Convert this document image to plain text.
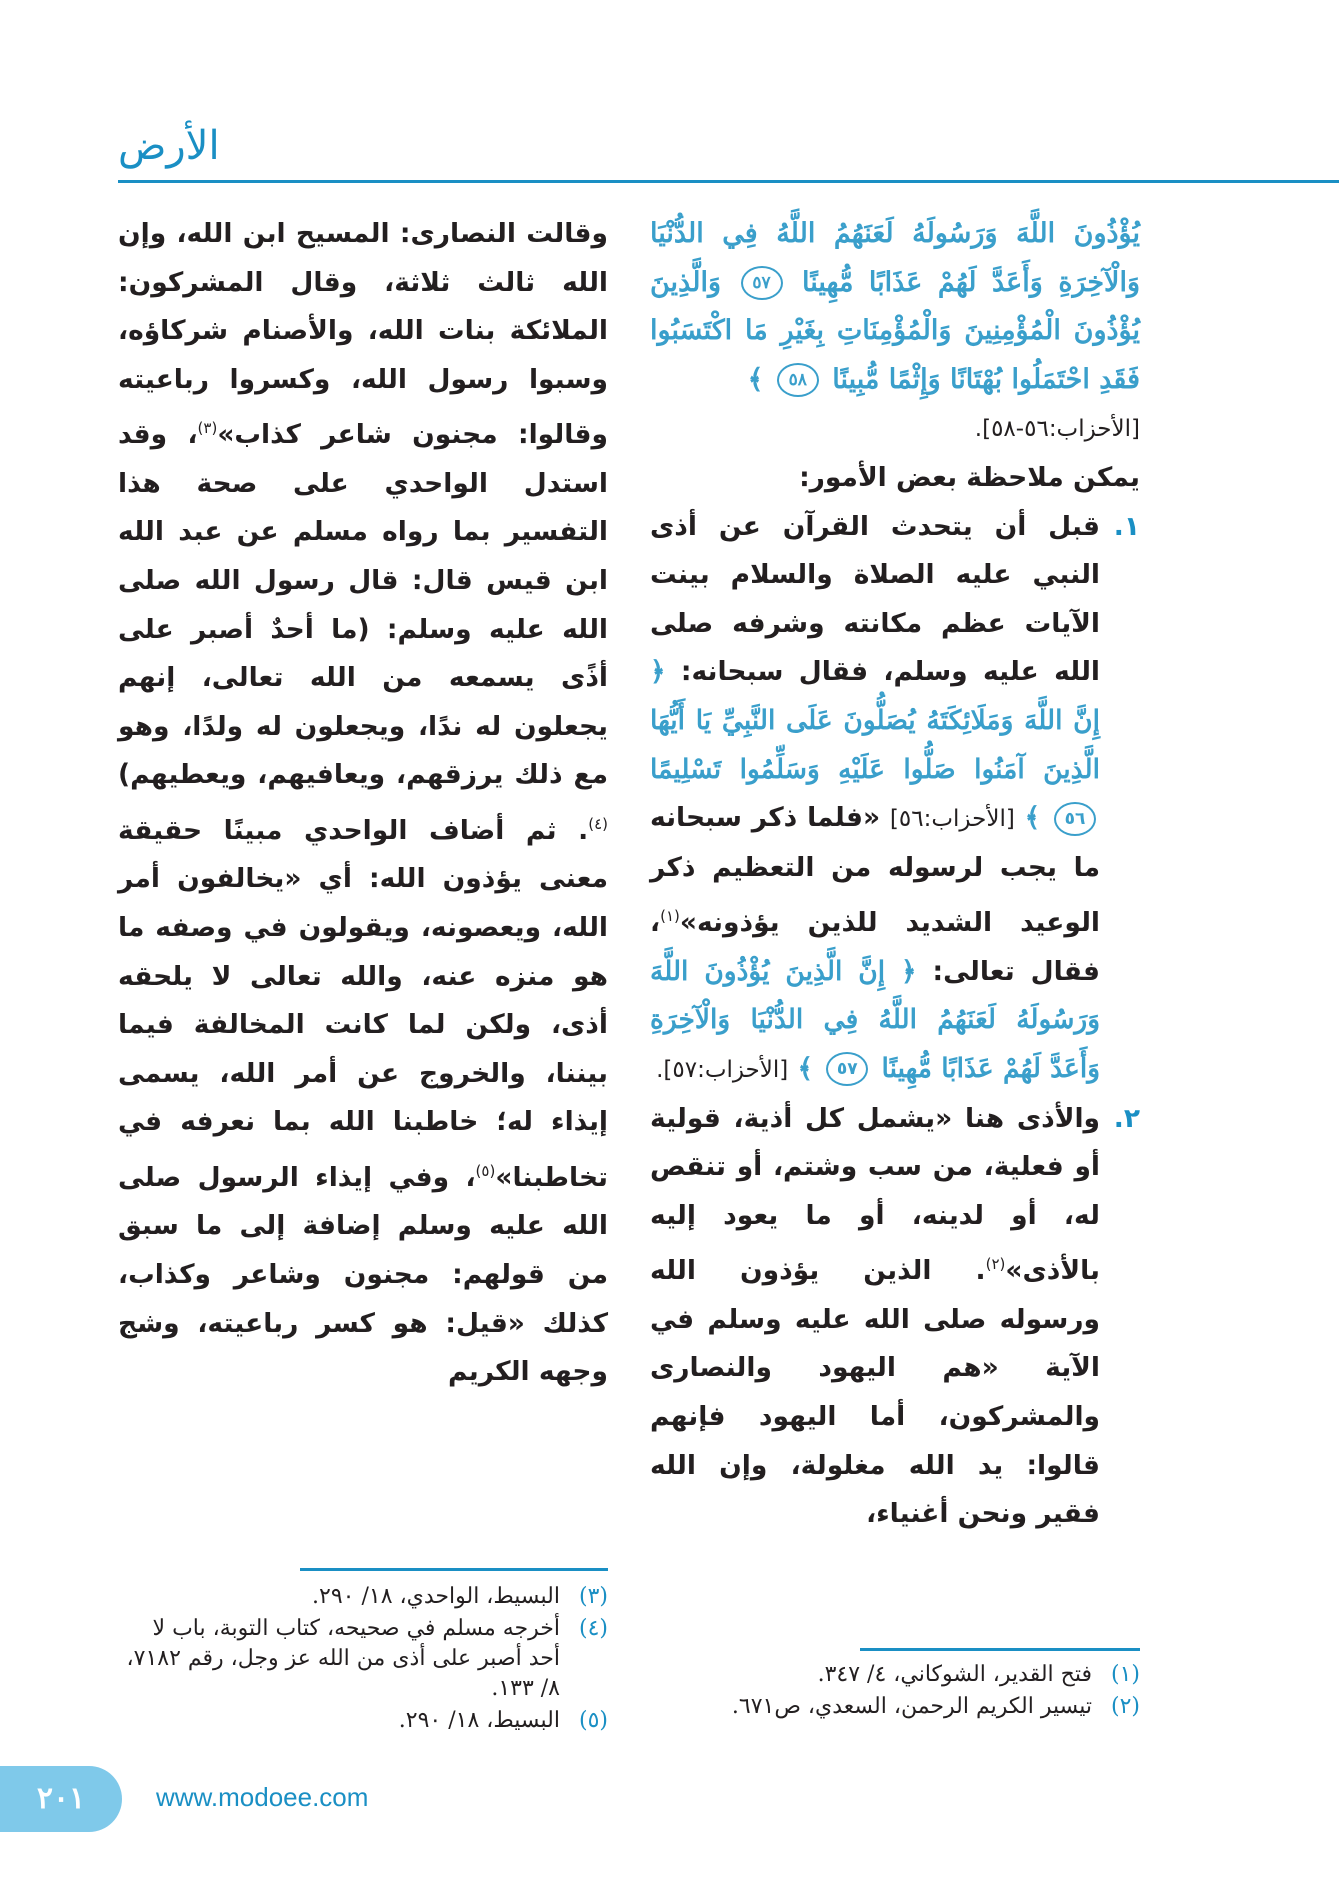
الأرض

يُؤْذُونَ اللَّهَ وَرَسُولَهُ لَعَنَهُمُ اللَّهُ فِي الدُّنْيَا وَالْآخِرَةِ وَأَعَدَّ لَهُمْ عَذَابًا مُّهِينًا ٥٧ وَالَّذِينَ يُؤْذُونَ الْمُؤْمِنِينَ وَالْمُؤْمِنَاتِ بِغَيْرِ مَا اكْتَسَبُوا فَقَدِ احْتَمَلُوا بُهْتَانًا وَإِثْمًا مُّبِينًا ٥٨ ﴾

[الأحزاب:٥٦-٥٨].

يمكن ملاحظة بعض الأمور:

١.
قبل أن يتحدث القرآن عن أذى النبي عليه الصلاة والسلام بينت الآيات عظم مكانته وشرفه صلى الله عليه وسلم، فقال سبحانه: ﴿ إِنَّ اللَّهَ وَمَلَائِكَتَهُ يُصَلُّونَ عَلَى النَّبِيِّ يَا أَيُّهَا الَّذِينَ آمَنُوا صَلُّوا عَلَيْهِ وَسَلِّمُوا تَسْلِيمًا ٥٦ ﴾ [الأحزاب:٥٦] «فلما ذكر سبحانه ما يجب لرسوله من التعظيم ذكر الوعيد الشديد للذين يؤذونه»$^{(١)}$، فقال تعالى: ﴿ إِنَّ الَّذِينَ يُؤْذُونَ اللَّهَ وَرَسُولَهُ لَعَنَهُمُ اللَّهُ فِي الدُّنْيَا وَالْآخِرَةِ وَأَعَدَّ لَهُمْ عَذَابًا مُّهِينًا ٥٧ ﴾ [الأحزاب:٥٧].
٢.
والأذى هنا «يشمل كل أذية، قولية أو فعلية، من سب وشتم، أو تنقص له، أو لدينه، أو ما يعود إليه بالأذى»$^{(٢)}$. الذين يؤذون الله ورسوله صلى الله عليه وسلم في الآية «هم اليهود والنصارى والمشركون، أما اليهود فإنهم قالوا: يد الله مغلولة، وإن الله فقير ونحن أغنياء،

وقالت النصارى: المسيح ابن الله، وإن الله ثالث ثلاثة، وقال المشركون: الملائكة بنات الله، والأصنام شركاؤه، وسبوا رسول الله، وكسروا رباعيته وقالوا: مجنون شاعر كذاب»$^{(٣)}$، وقد استدل الواحدي على صحة هذا التفسير بما رواه مسلم عن عبد الله ابن قيس قال: قال رسول الله صلى الله عليه وسلم: (ما أحدٌ أصبر على أذًى يسمعه من الله تعالى، إنهم يجعلون له ندًا، ويجعلون له ولدًا، وهو مع ذلك يرزقهم، ويعافيهم، ويعطيهم)$^{(٤)}$. ثم أضاف الواحدي مبينًا حقيقة معنى يؤذون الله: أي «يخالفون أمر الله، ويعصونه، ويقولون في وصفه ما هو منزه عنه، والله تعالى لا يلحقه أذى، ولكن لما كانت المخالفة فيما بيننا، والخروج عن أمر الله، يسمى إيذاء له؛ خاطبنا الله بما نعرفه في تخاطبنا»$^{(٥)}$، وفي إيذاء الرسول صلى الله عليه وسلم إضافة إلى ما سبق من قولهم: مجنون وشاعر وكذاب، كذلك «قيل: هو كسر رباعيته، وشج وجهه الكريم

(٣)
البسيط، الواحدي، ١٨/ ٢٩٠.
(٤)
أخرجه مسلم في صحيحه، كتاب التوبة، باب لا أحد أصبر على أذى من الله عز وجل، رقم ٧١٨٢، ٨/ ١٣٣.
(٥)
البسيط، ١٨/ ٢٩٠.
(١)
فتح القدير، الشوكاني، ٤/ ٣٤٧.
(٢)
تيسير الكريم الرحمن، السعدي، ص٦٧١.
٢٠١	www.modoee.com
